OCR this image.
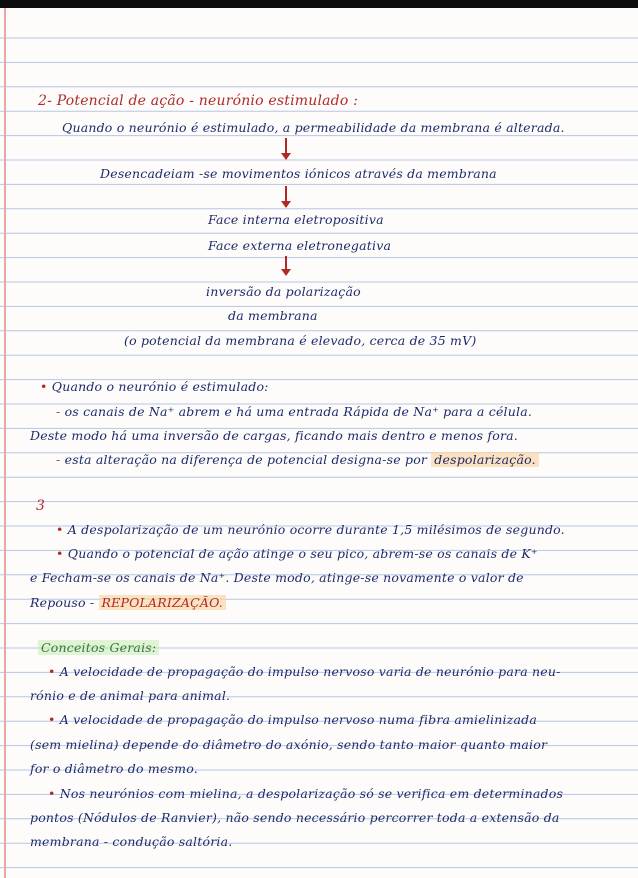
2- Potencial de ação - neurónio estimulado :
Quando o neurónio é estimulado, a permeabilidade da membrana é alterada.
Desencadeiam -se movimentos iónicos através da membrana
Face interna eletropositiva
Face externa eletronegativa
inversão da polarização
da membrana
(o potencial da membrana é elevado, cerca de 35 mV)
• Quando o neurónio é estimulado:
- os canais de Na⁺ abrem e há uma entrada Rápida de Na⁺ para a célula.
Deste modo há uma inversão de cargas, ficando mais dentro e menos fora.
- esta alteração na diferença de potencial designa-se por despolarização.
3
• A despolarização de um neurónio ocorre durante 1,5 milésimos de segundo.
• Quando o potencial de ação atinge o seu pico, abrem-se os canais de K⁺
e Fecham-se os canais de Na⁺. Deste modo, atinge-se novamente o valor de
Repouso - REPOLARIZAÇÃO.
Conceitos Gerais:
• A velocidade de propagação do impulso nervoso varia de neurónio para neu-
rónio e de animal para animal.
• A velocidade de propagação do impulso nervoso numa fibra amielinizada
(sem mielina) depende do diâmetro do axónio, sendo tanto maior quanto maior
for o diâmetro do mesmo.
• Nos neurónios com mielina, a despolarização só se verifica em determinados
pontos (Nódulos de Ranvier), não sendo necessário percorrer toda a extensão da
membrana - condução saltória.
